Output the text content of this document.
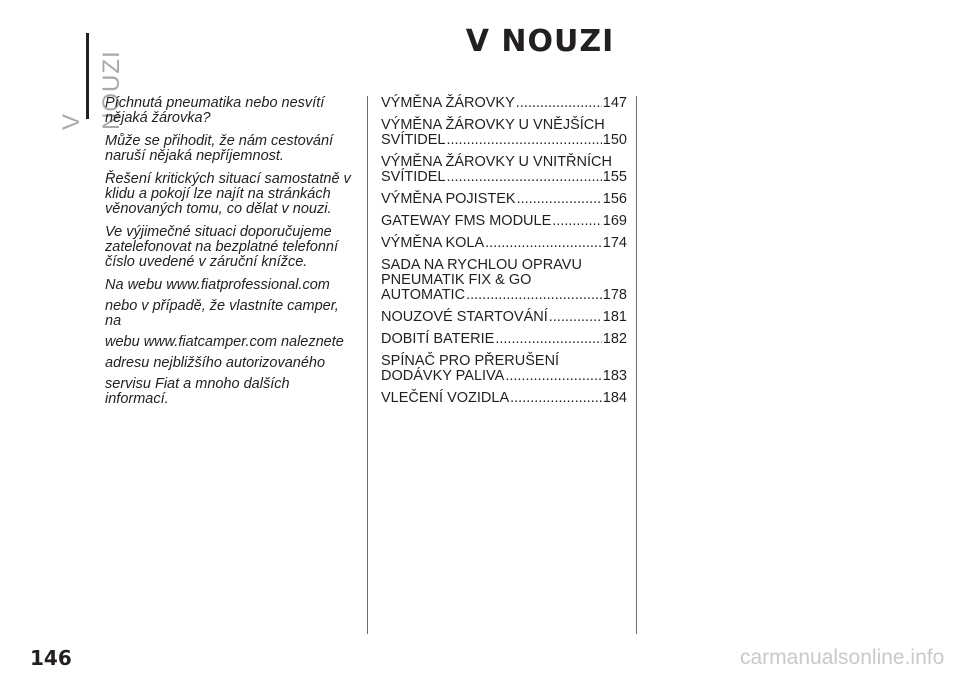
V NOUZI
V NOUZI

Píchnutá pneumatika nebo nesvítí nějaká žárovka?

Může se přihodit, že nám cestování naruší nějaká nepříjemnost.

Řešení kritických situací samostatně v klidu a pokojí lze najít na stránkách věnovaných tomu, co dělat v nouzi.

Ve výjimečné situaci doporučujeme zatelefonovat na bezplatné telefonní číslo uvedené v záruční knížce.

Na webu www.fiatprofessional.com
nebo v případě, že vlastníte camper, na
webu www.fiatcamper.com naleznete
adresu nejbližšího autorizovaného
servisu Fiat a mnoho dalších informací.
VÝMĚNA ŽÁROVKY .....	147
VÝMĚNA ŽÁROVKY U VNĚJŠÍCH
SVÍTIDEL .....	150
VÝMĚNA ŽÁROVKY U VNITŘNÍCH
SVÍTIDEL .....	155
VÝMĚNA POJISTEK .....	156
GATEWAY FMS MODULE .....	169
VÝMĚNA KOLA .....	174
SADA NA RYCHLOU OPRAVU
PNEUMATIK FIX & GO
AUTOMATIC .....	178
NOUZOVÉ STARTOVÁNÍ .....	181
DOBITÍ BATERIE .....	182
SPÍNAČ PRO PŘERUŠENÍ
DODÁVKY PALIVA .....	183
VLEČENÍ VOZIDLA .....	184
146	carmanualsonline.info
